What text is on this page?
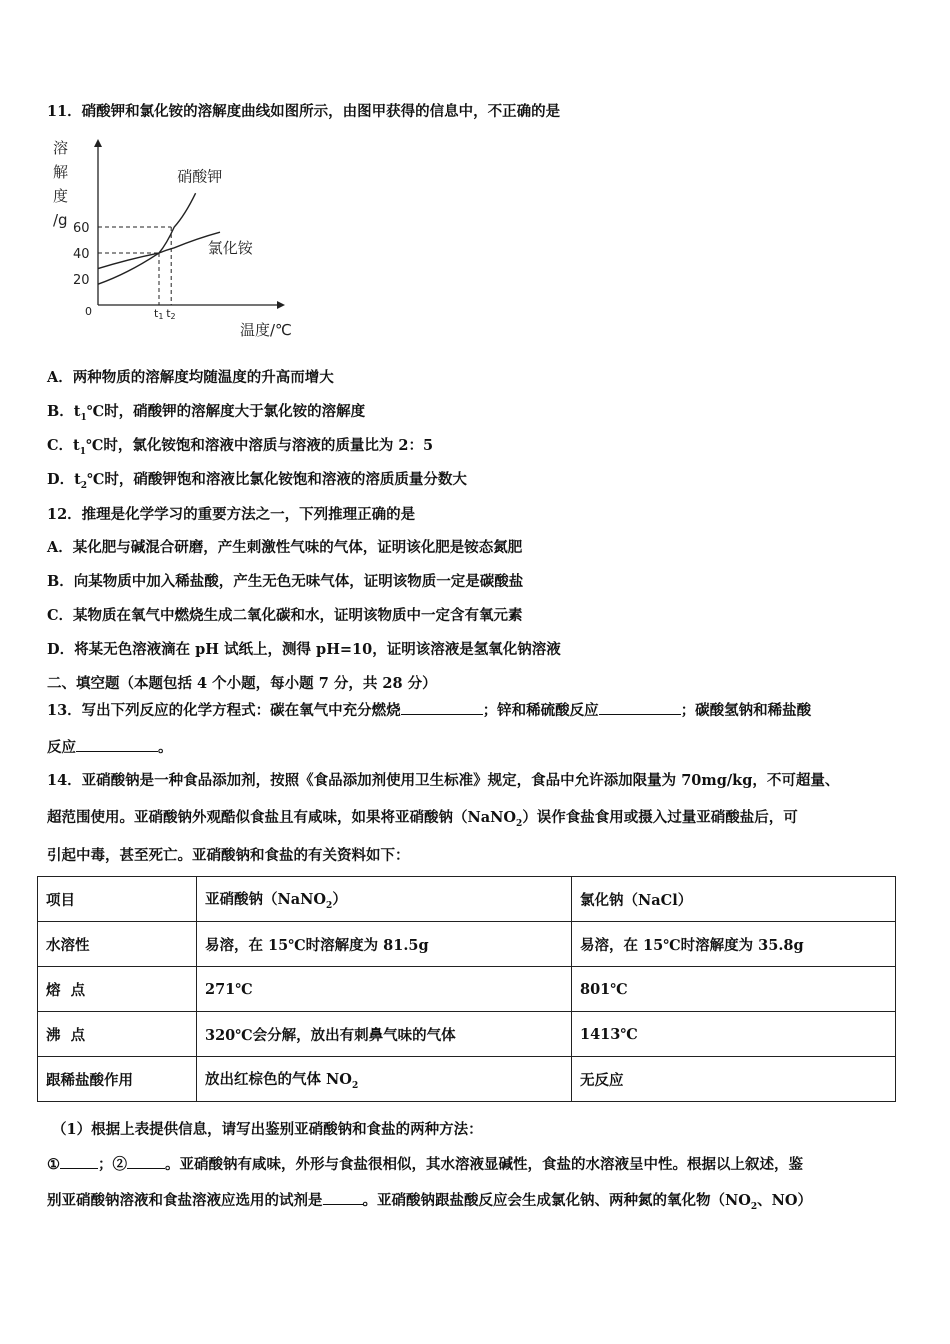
11．硝酸钾和氯化铵的溶解度曲线如图所示，由图甲获得的信息中，不正确的是
溶
解
度
/g
硝酸钾
氯化铵
60
40
20
t1 t2
0
温度/℃
A．两种物质的溶解度均随温度的升高而增大
B．$t_1℃$时，硝酸钾的溶解度大于氯化铵的溶解度
C．$t_1℃$时，氯化铵饱和溶液中溶质与溶液的质量比为 2：5
D．$t_2℃$时，硝酸钾饱和溶液比氯化铵饱和溶液的溶质质量分数大
12．推理是化学学习的重要方法之一，下列推理正确的是
A．某化肥与碱混合研磨，产生刺激性气味的气体，证明该化肥是铵态氮肥
B．向某物质中加入稀盐酸，产生无色无味气体，证明该物质一定是碳酸盐
C．某物质在氧气中燃烧生成二氧化碳和水，证明该物质中一定含有氧元素
D．将某无色溶液滴在 pH 试纸上，测得 pH=10，证明该溶液是氢氧化钠溶液
二、填空题（本题包括 4 个小题，每小题 7 分，共 28 分）
13．写出下列反应的化学方程式：碳在氧气中充分燃烧	；锌和稀硫酸反应	；碳酸氢钠和稀盐酸
反应	。
14．亚硝酸钠是一种食品添加剂，按照《食品添加剂使用卫生标准》规定，食品中允许添加限量为 70mg/kg，不可超量、
超范围使用。亚硝酸钠外观酷似食盐且有咸味，如果将亚硝酸钠（NaNO$_2$）误作食盐食用或摄入过量亚硝酸盐后，可
引起中毒，甚至死亡。亚硝酸钠和食盐的有关资料如下：
项目	亚硝酸钠（NaNO$_2$）	氯化钠（NaCl）
水溶性	易溶，在 15℃时溶解度为 81.5g	易溶，在 15℃时溶解度为 35.8g
熔  点	271℃	801℃
沸  点	320℃会分解，放出有刺鼻气味的气体	1413℃
跟稀盐酸作用	放出红棕色的气体 $NO_2$	无反应
（1）根据上表提供信息，请写出鉴别亚硝酸钠和食盐的两种方法：
①	；②	。亚硝酸钠有咸味，外形与食盐很相似，其水溶液显碱性，食盐的水溶液呈中性。根据以上叙述，鉴
别亚硝酸钠溶液和食盐溶液应选用的试剂是	。亚硝酸钠跟盐酸反应会生成氯化钠、两种氮的氧化物（$NO_2$、NO）
